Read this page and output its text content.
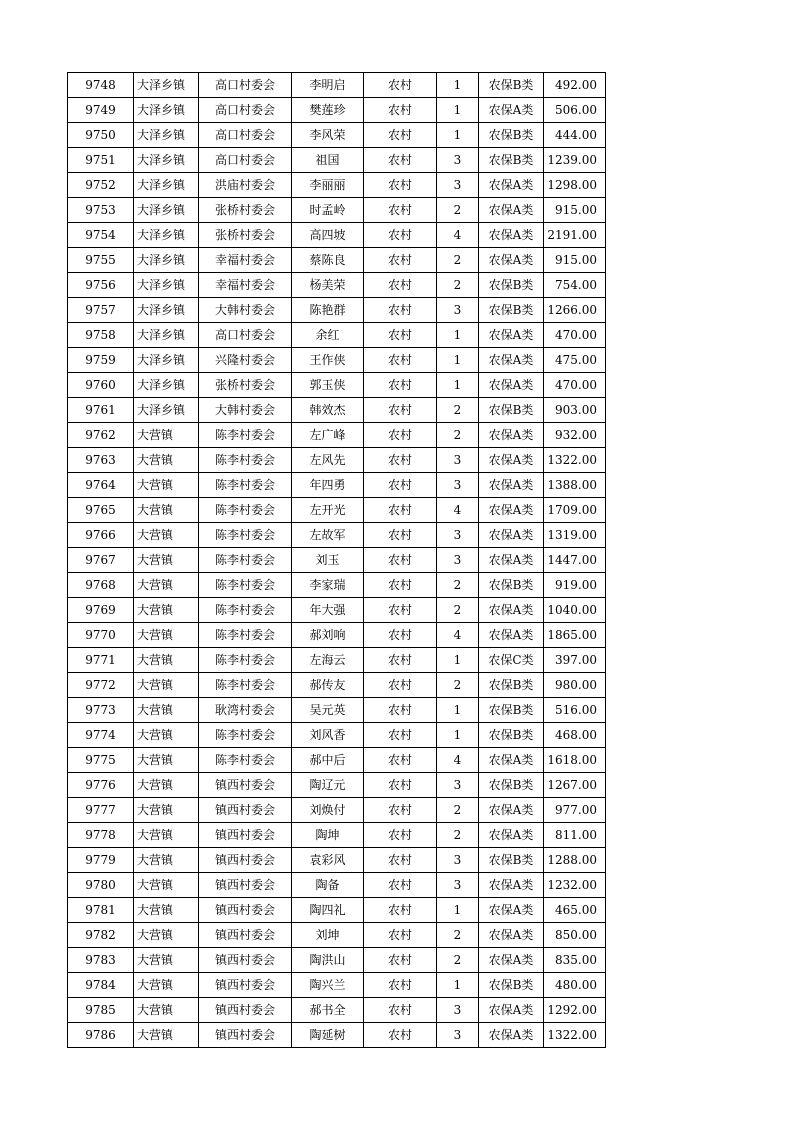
9748	大泽乡镇	高口村委会	李明启	农村	1	农保B类	492.00
9749	大泽乡镇	高口村委会	樊莲珍	农村	1	农保A类	506.00
9750	大泽乡镇	高口村委会	李风荣	农村	1	农保B类	444.00
9751	大泽乡镇	高口村委会	祖国	农村	3	农保B类	1239.00
9752	大泽乡镇	洪庙村委会	李丽丽	农村	3	农保A类	1298.00
9753	大泽乡镇	张桥村委会	时孟岭	农村	2	农保A类	915.00
9754	大泽乡镇	张桥村委会	高四坡	农村	4	农保A类	2191.00
9755	大泽乡镇	幸福村委会	蔡陈良	农村	2	农保A类	915.00
9756	大泽乡镇	幸福村委会	杨美荣	农村	2	农保B类	754.00
9757	大泽乡镇	大韩村委会	陈艳群	农村	3	农保B类	1266.00
9758	大泽乡镇	高口村委会	余红	农村	1	农保A类	470.00
9759	大泽乡镇	兴隆村委会	王作侠	农村	1	农保A类	475.00
9760	大泽乡镇	张桥村委会	郭玉侠	农村	1	农保A类	470.00
9761	大泽乡镇	大韩村委会	韩效杰	农村	2	农保B类	903.00
9762	大营镇	陈李村委会	左广峰	农村	2	农保A类	932.00
9763	大营镇	陈李村委会	左风先	农村	3	农保A类	1322.00
9764	大营镇	陈李村委会	年四勇	农村	3	农保A类	1388.00
9765	大营镇	陈李村委会	左开光	农村	4	农保A类	1709.00
9766	大营镇	陈李村委会	左故军	农村	3	农保A类	1319.00
9767	大营镇	陈李村委会	刘玉	农村	3	农保A类	1447.00
9768	大营镇	陈李村委会	李家瑞	农村	2	农保B类	919.00
9769	大营镇	陈李村委会	年大强	农村	2	农保A类	1040.00
9770	大营镇	陈李村委会	郝刘响	农村	4	农保A类	1865.00
9771	大营镇	陈李村委会	左海云	农村	1	农保C类	397.00
9772	大营镇	陈李村委会	郝传友	农村	2	农保B类	980.00
9773	大营镇	耿湾村委会	吴元英	农村	1	农保B类	516.00
9774	大营镇	陈李村委会	刘风香	农村	1	农保B类	468.00
9775	大营镇	陈李村委会	郝中后	农村	4	农保A类	1618.00
9776	大营镇	镇西村委会	陶辽元	农村	3	农保B类	1267.00
9777	大营镇	镇西村委会	刘焕付	农村	2	农保A类	977.00
9778	大营镇	镇西村委会	陶坤	农村	2	农保A类	811.00
9779	大营镇	镇西村委会	袁彩风	农村	3	农保B类	1288.00
9780	大营镇	镇西村委会	陶备	农村	3	农保A类	1232.00
9781	大营镇	镇西村委会	陶四礼	农村	1	农保A类	465.00
9782	大营镇	镇西村委会	刘坤	农村	2	农保A类	850.00
9783	大营镇	镇西村委会	陶洪山	农村	2	农保A类	835.00
9784	大营镇	镇西村委会	陶兴兰	农村	1	农保B类	480.00
9785	大营镇	镇西村委会	郝书全	农村	3	农保A类	1292.00
9786	大营镇	镇西村委会	陶延树	农村	3	农保A类	1322.00
